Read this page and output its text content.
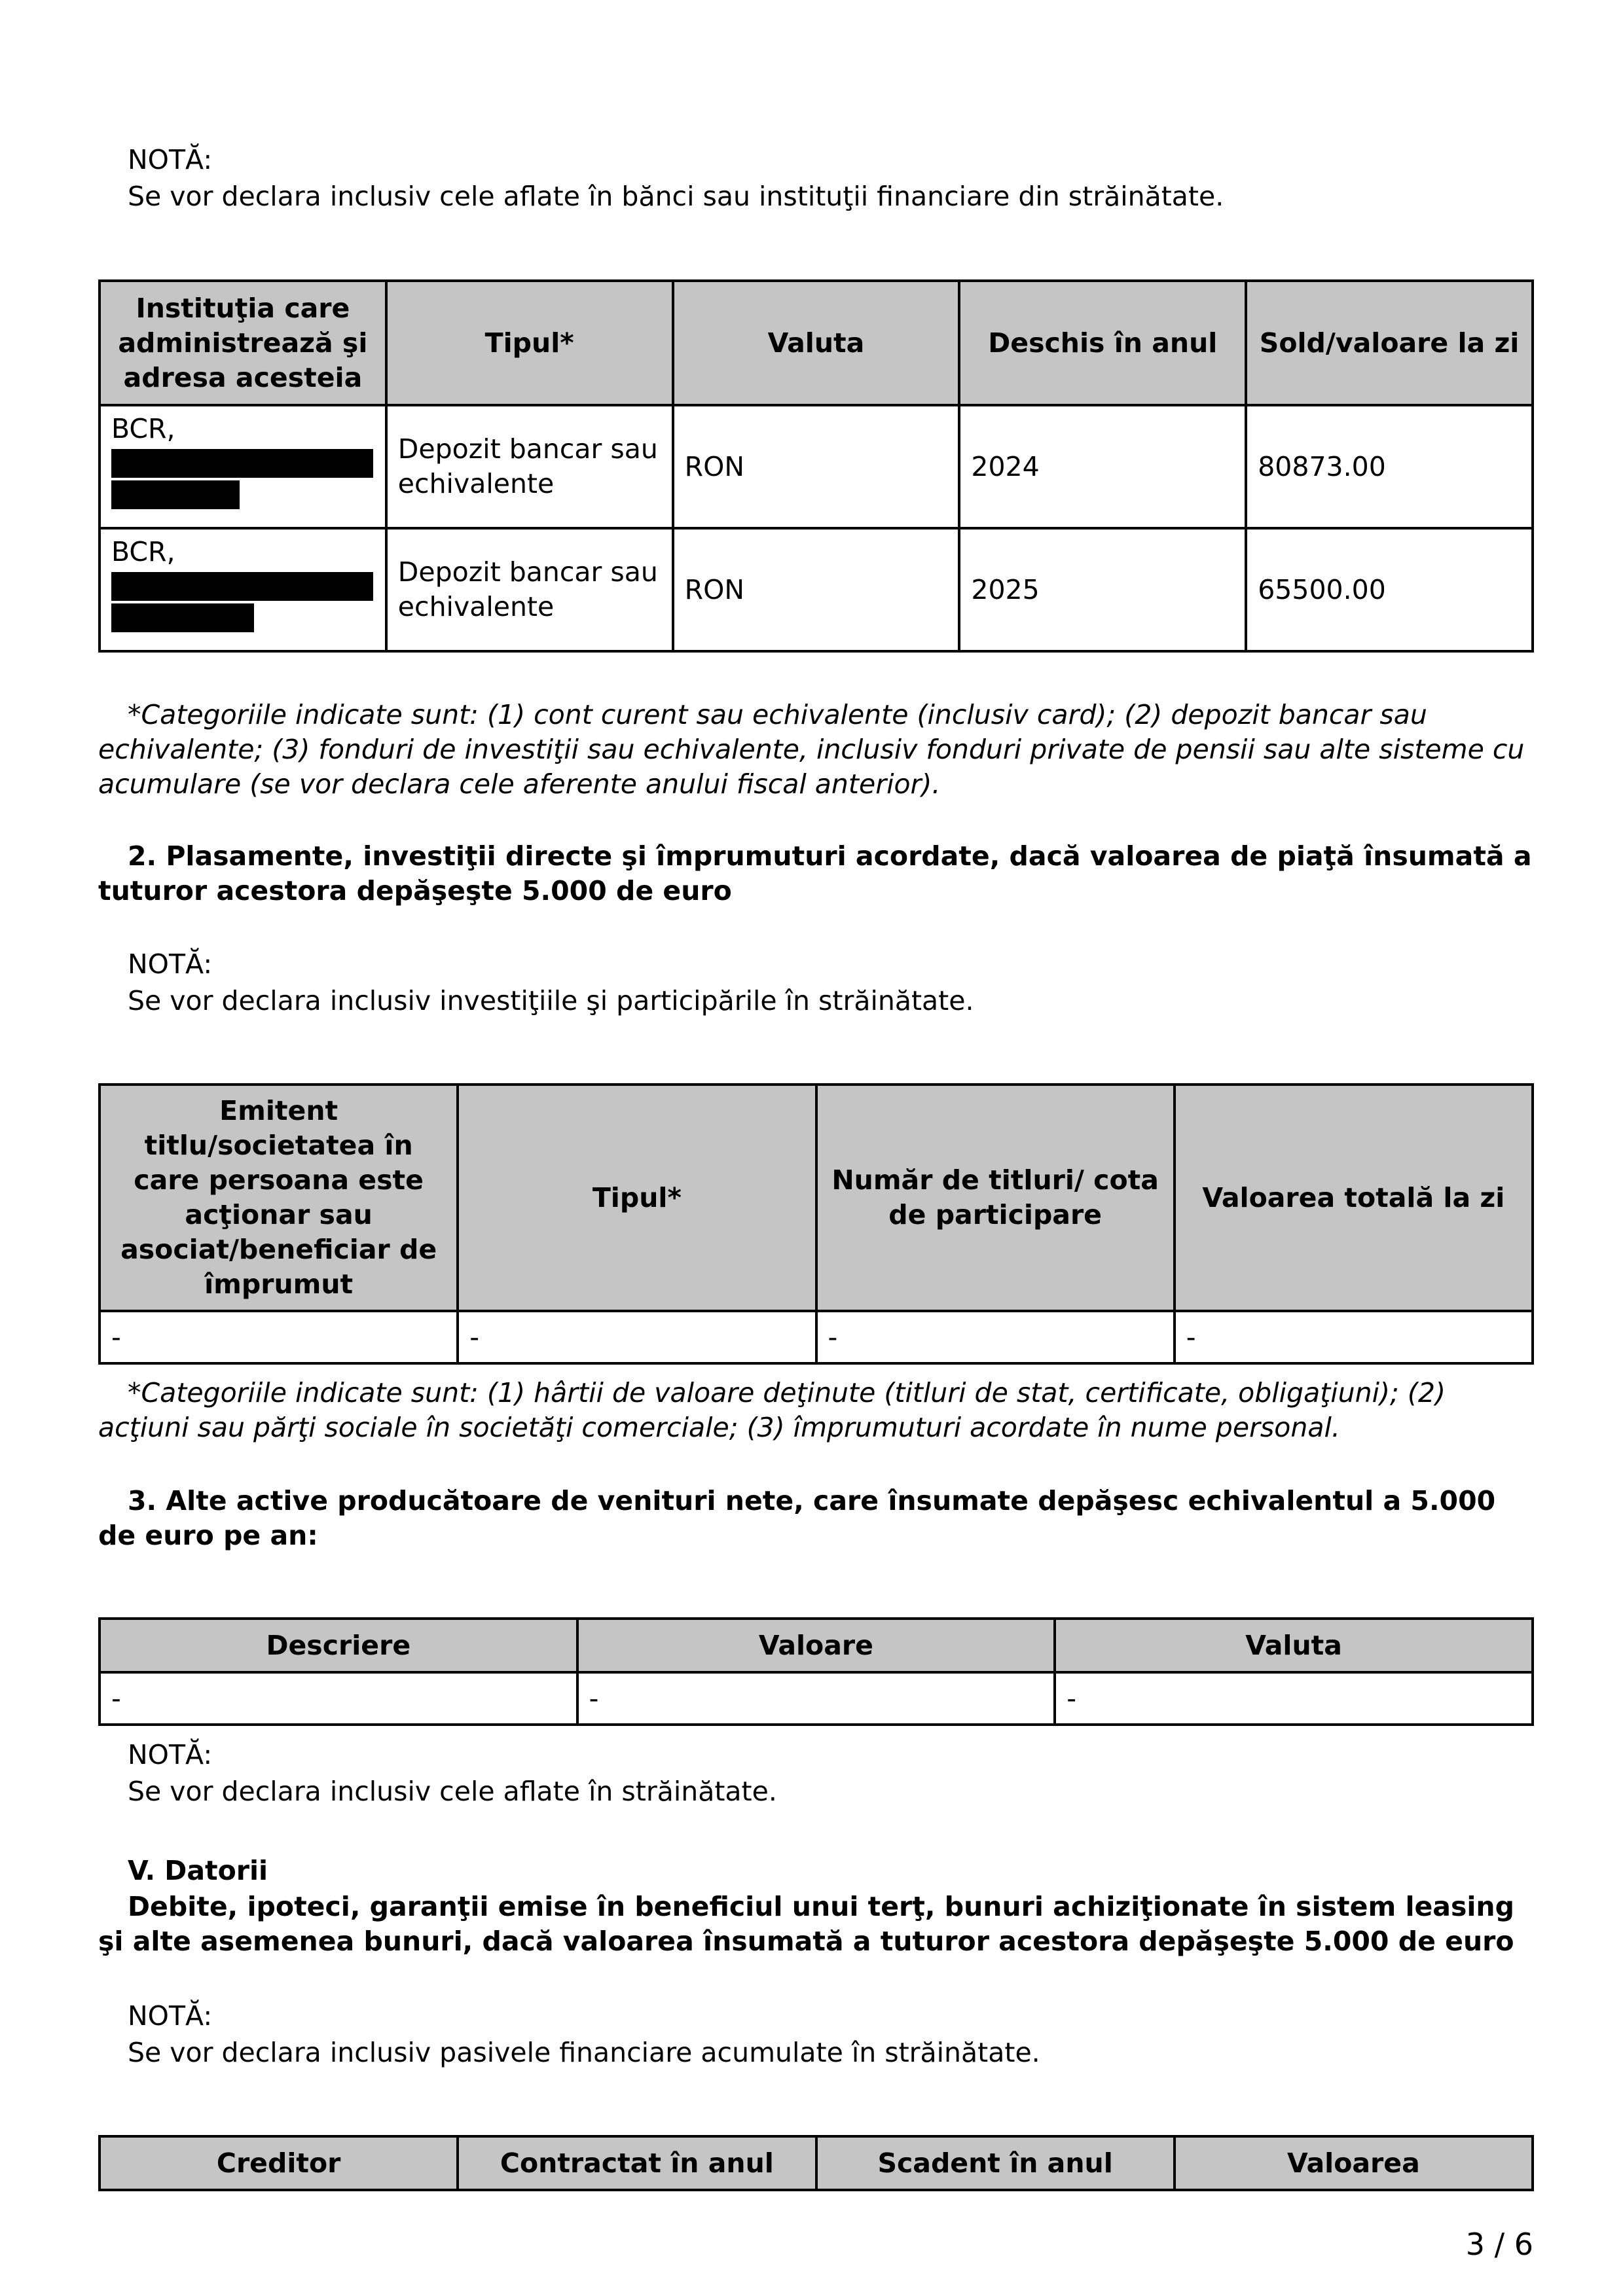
NOTĂ:
Se vor declara inclusiv cele aflate în bănci sau instituţii financiare din străinătate.
Instituţia care administrează şi adresa acesteia	Tipul*	Valuta	Deschis în anul	Sold/valoare la zi
BCR,	Depozit bancar sau echivalente	RON	2024	80873.00
BCR,	Depozit bancar sau echivalente	RON	2025	65500.00
*Categoriile indicate sunt: (1) cont curent sau echivalente (inclusiv card); (2) depozit bancar sau echivalente; (3) fonduri de investiţii sau echivalente, inclusiv fonduri private de pensii sau alte sisteme cu acumulare (se vor declara cele aferente anului fiscal anterior).
2. Plasamente, investiţii directe şi împrumuturi acordate, dacă valoarea de piaţă însumată a tuturor acestora depăşeşte 5.000 de euro
NOTĂ:
Se vor declara inclusiv investiţiile şi participările în străinătate.
Emitent titlu/societatea în care persoana este acţionar sau asociat/beneficiar de împrumut	Tipul*	Număr de titluri/ cota de participare	Valoarea totală la zi
-	-	-	-
*Categoriile indicate sunt: (1) hârtii de valoare deţinute (titluri de stat, certificate, obligaţiuni); (2) acţiuni sau părţi sociale în societăţi comerciale; (3) împrumuturi acordate în nume personal.
3. Alte active producătoare de venituri nete, care însumate depăşesc echivalentul a 5.000 de euro pe an:
Descriere	Valoare	Valuta
-	-	-
NOTĂ:
Se vor declara inclusiv cele aflate în străinătate.
V. Datorii
Debite, ipoteci, garanţii emise în beneficiul unui terţ, bunuri achiziţionate în sistem leasing şi alte asemenea bunuri, dacă valoarea însumată a tuturor acestora depăşeşte 5.000 de euro
NOTĂ:
Se vor declara inclusiv pasivele financiare acumulate în străinătate.
Creditor	Contractat în anul	Scadent în anul	Valoarea
3 / 6
